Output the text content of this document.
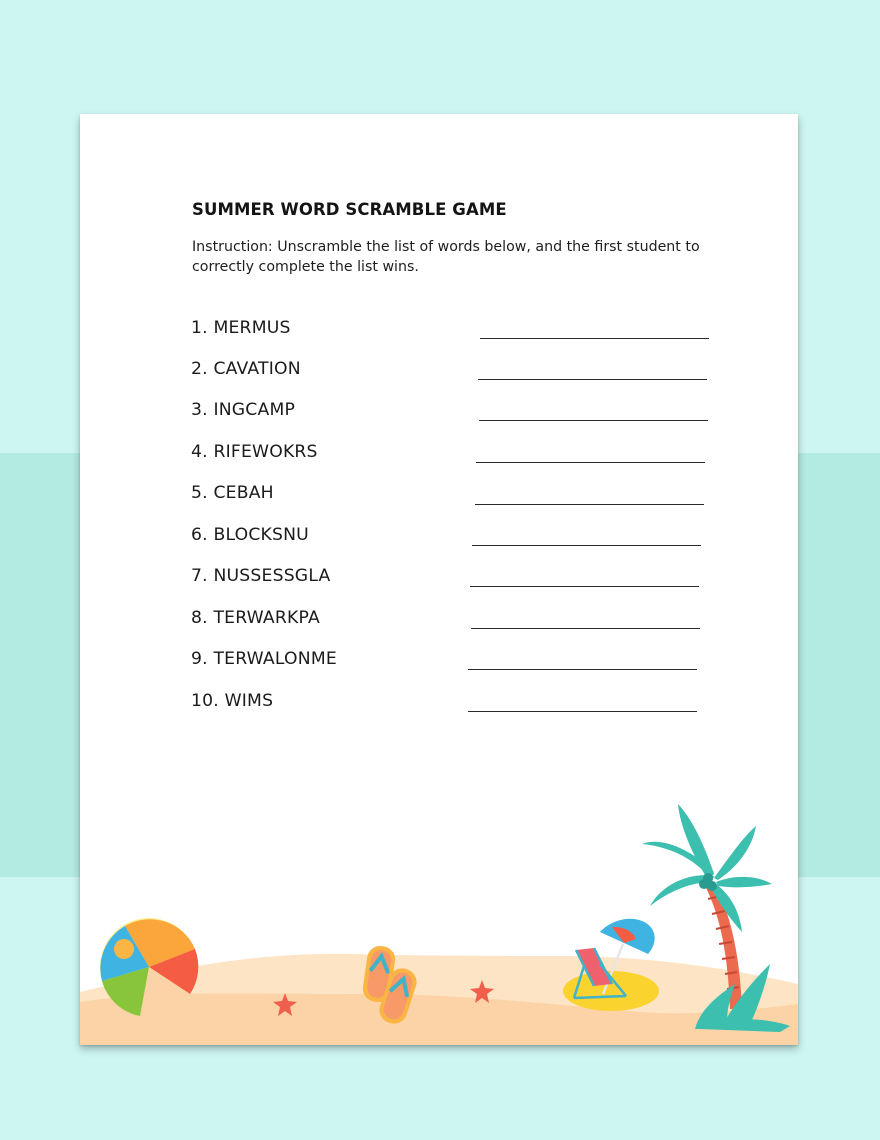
SUMMER WORD SCRAMBLE GAME

Instruction: Unscramble the list of words below, and the first student to correctly complete the list wins.

1. MERMUS
2. CAVATION
3. INGCAMP
4. RIFEWOKRS
5. CEBAH
6. BLOCKSNU
7. NUSSESSGLA
8. TERWARKPA
9. TERWALONME
10. WIMS
